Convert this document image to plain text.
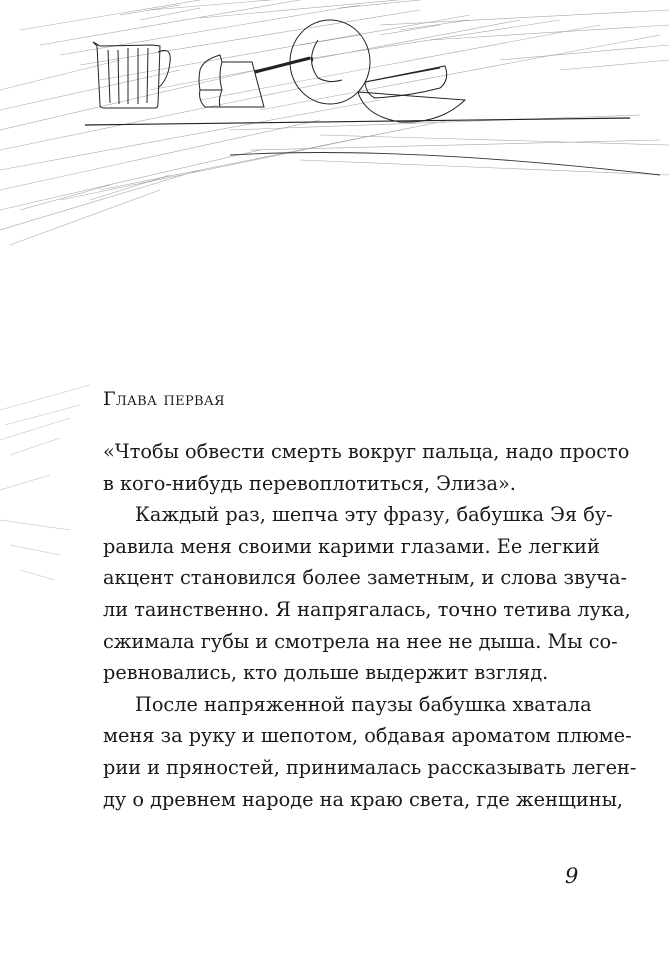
Глава первая
«Чтобы обвести смерть вокруг пальца, надо просто
в кого-нибудь перевоплотиться, Элиза».
Каждый раз, шепча эту фразу, бабушка Эя бу-
равила меня своими карими глазами. Ее легкий
акцент становился более заметным, и слова звуча-
ли таинственно. Я напрягалась, точно тетива лука,
сжимала губы и смотрела на нее не дыша. Мы со-
ревновались, кто дольше выдержит взгляд.
После напряженной паузы бабушка хватала
меня за руку и шепотом, обдавая ароматом плюме-
рии и пряностей, принималась рассказывать леген-
ду о древнем народе на краю света, где женщины,
9
